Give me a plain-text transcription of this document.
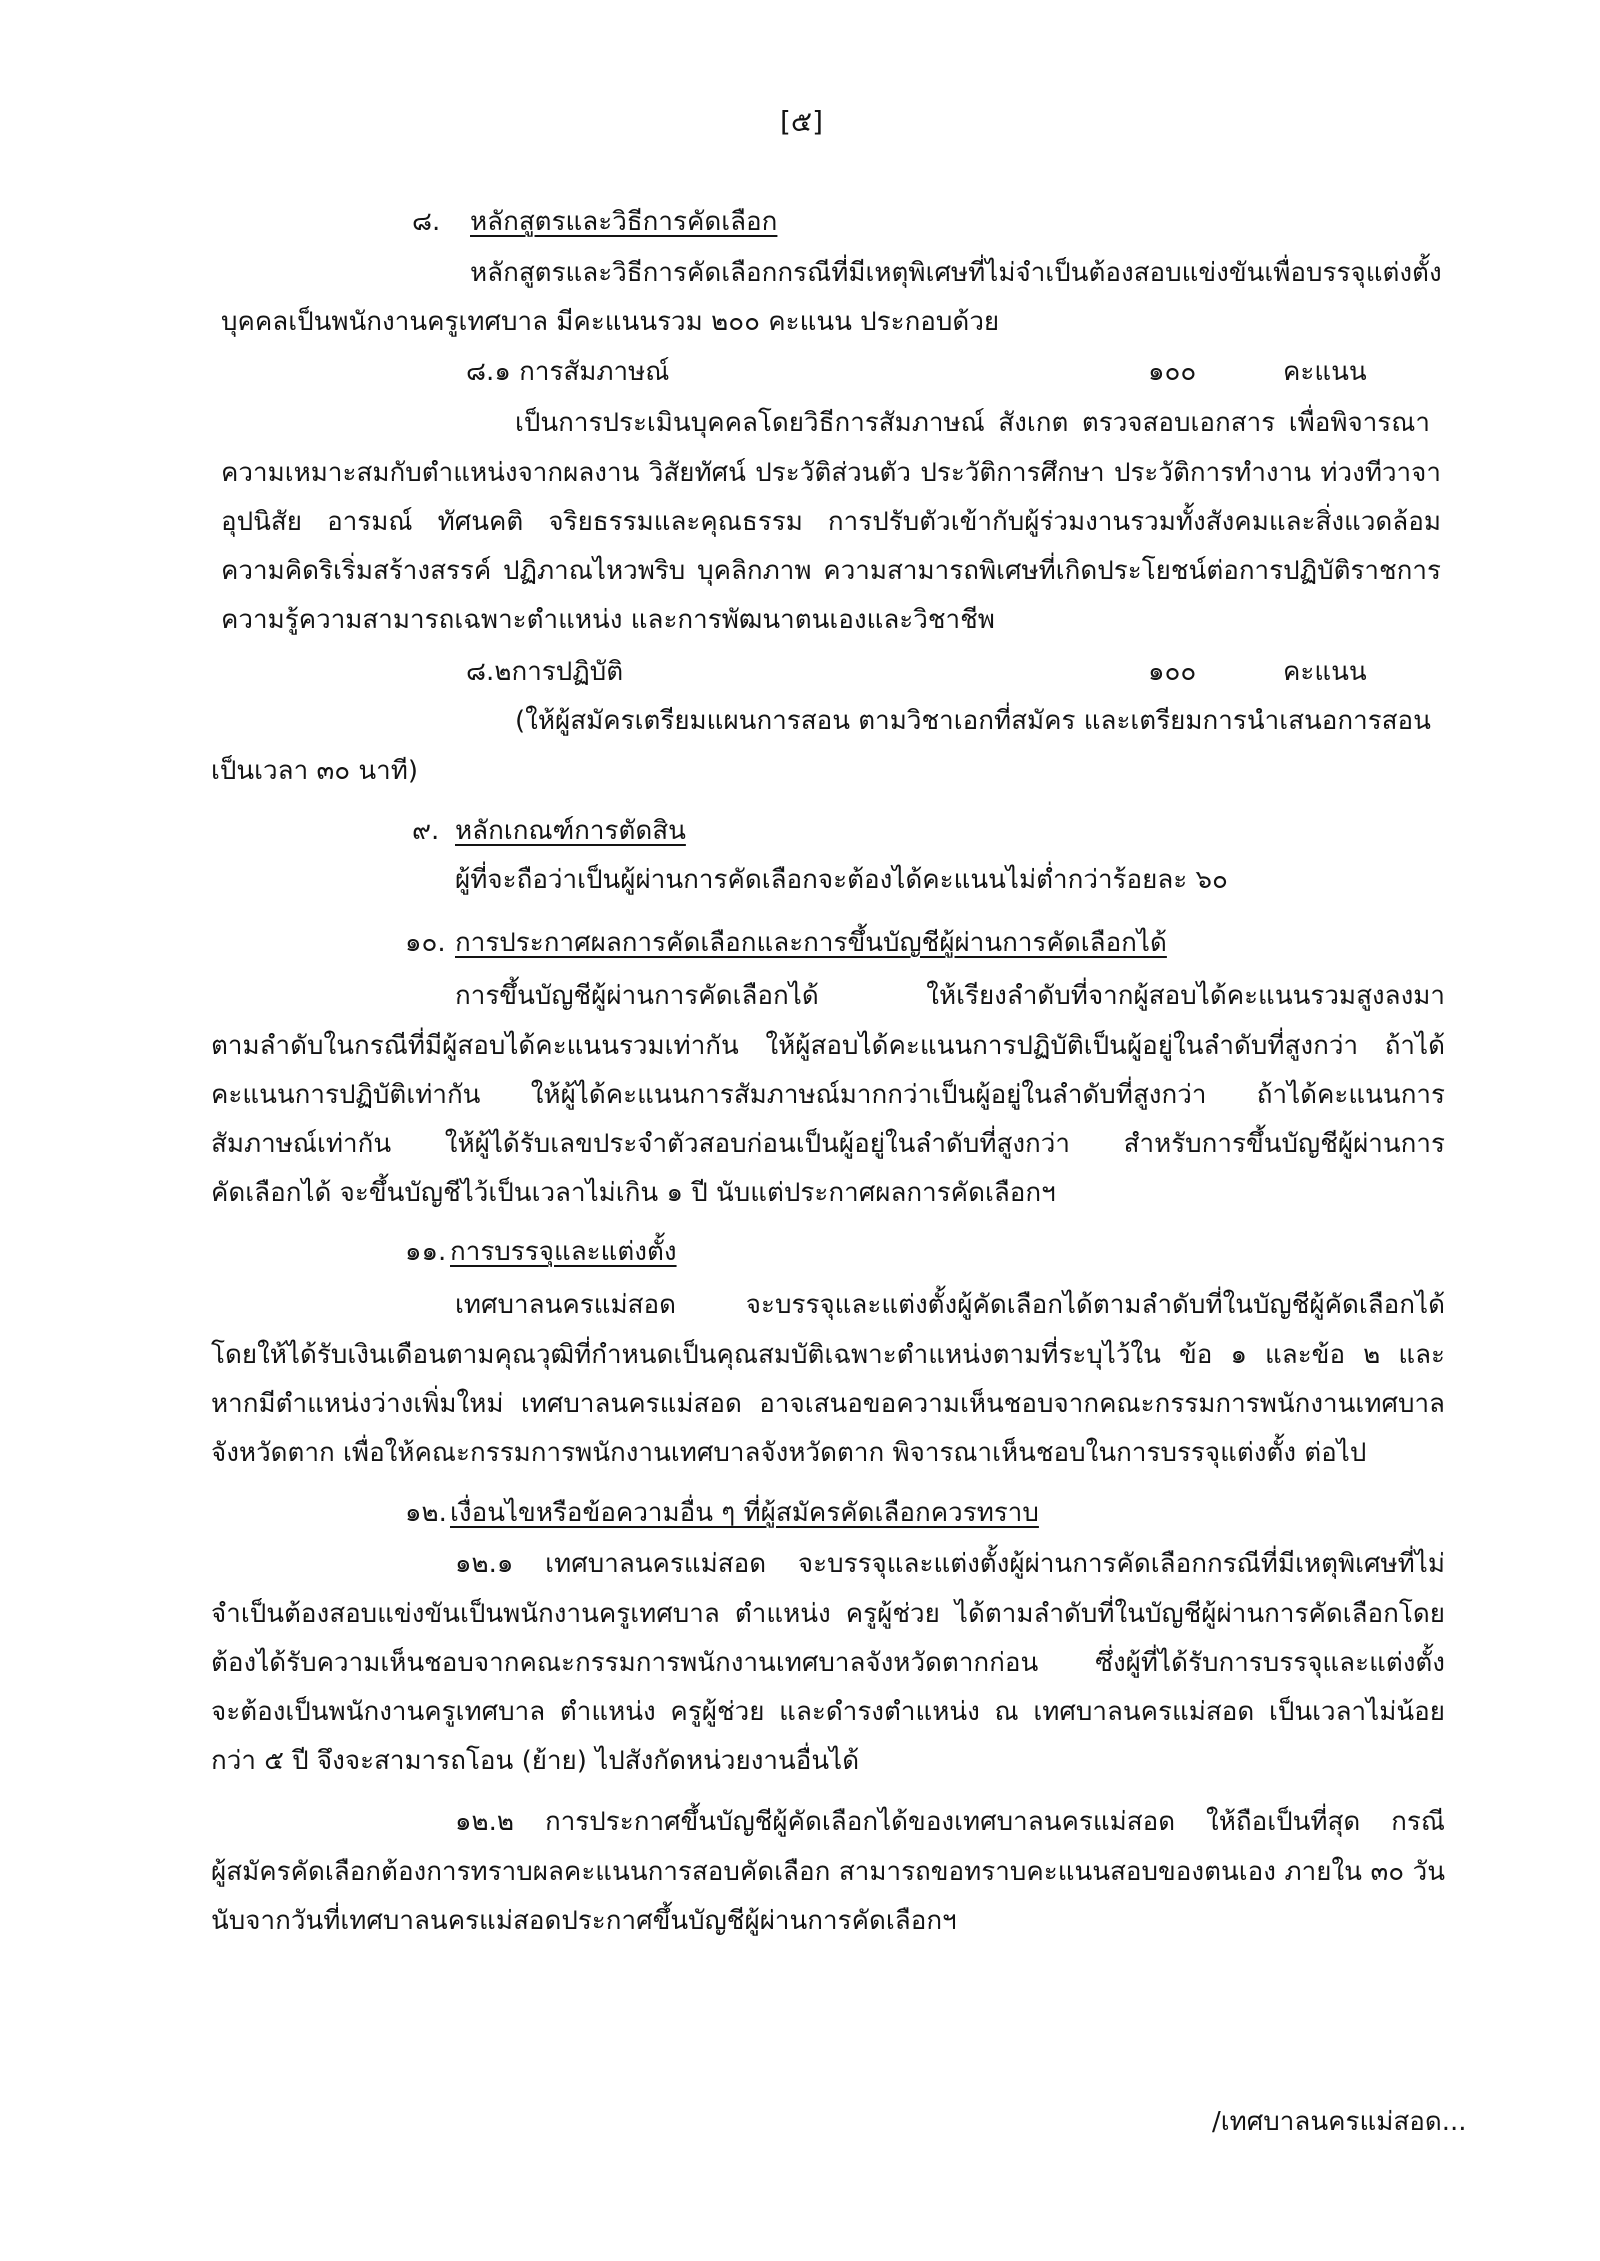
[๕]
๘. หลักสูตรและวิธีการคัดเลือก
หลักสูตรและวิธีการคัดเลือกกรณีที่มีเหตุพิเศษที่ไม่จำเป็นต้องสอบแข่งขันเพื่อบรรจุแต่งตั้ง
บุคคลเป็นพนักงานครูเทศบาล มีคะแนนรวม ๒๐๐ คะแนน ประกอบด้วย
๘.๑ การสัมภาษณ์	๑๐๐	คะแนน
เป็นการประเมินบุคคลโดยวิธีการสัมภาษณ์ สังเกต ตรวจสอบเอกสาร เพื่อพิจารณา
ความเหมาะสมกับตำแหน่งจากผลงาน วิสัยทัศน์ ประวัติส่วนตัว ประวัติการศึกษา ประวัติการทำงาน ท่วงทีวาจา
อุปนิสัย อารมณ์ ทัศนคติ จริยธรรมและคุณธรรม การปรับตัวเข้ากับผู้ร่วมงานรวมทั้งสังคมและสิ่งแวดล้อม
ความคิดริเริ่มสร้างสรรค์ ปฏิภาณไหวพริบ บุคลิกภาพ ความสามารถพิเศษที่เกิดประโยชน์ต่อการปฏิบัติราชการ
ความรู้ความสามารถเฉพาะตำแหน่ง และการพัฒนาตนเองและวิชาชีพ
๘.๒การปฏิบัติ	๑๐๐	คะแนน
(ให้ผู้สมัครเตรียมแผนการสอน ตามวิชาเอกที่สมัคร และเตรียมการนำเสนอการสอน
เป็นเวลา ๓๐ นาที)
๙. หลักเกณฑ์การตัดสิน
ผู้ที่จะถือว่าเป็นผู้ผ่านการคัดเลือกจะต้องได้คะแนนไม่ต่ำกว่าร้อยละ ๖๐
๑๐. การประกาศผลการคัดเลือกและการขึ้นบัญชีผู้ผ่านการคัดเลือกได้
การขึ้นบัญชีผู้ผ่านการคัดเลือกได้ ให้เรียงลำดับที่จากผู้สอบได้คะแนนรวมสูงลงมา
ตามลำดับในกรณีที่มีผู้สอบได้คะแนนรวมเท่ากัน ให้ผู้สอบได้คะแนนการปฏิบัติเป็นผู้อยู่ในลำดับที่สูงกว่า ถ้าได้
คะแนนการปฏิบัติเท่ากัน ให้ผู้ได้คะแนนการสัมภาษณ์มากกว่าเป็นผู้อยู่ในลำดับที่สูงกว่า ถ้าได้คะแนนการ
สัมภาษณ์เท่ากัน ให้ผู้ได้รับเลขประจำตัวสอบก่อนเป็นผู้อยู่ในลำดับที่สูงกว่า สำหรับการขึ้นบัญชีผู้ผ่านการ
คัดเลือกได้ จะขึ้นบัญชีไว้เป็นเวลาไม่เกิน ๑ ปี นับแต่ประกาศผลการคัดเลือกฯ
๑๑. การบรรจุและแต่งตั้ง
เทศบาลนครแม่สอด จะบรรจุและแต่งตั้งผู้คัดเลือกได้ตามลำดับที่ในบัญชีผู้คัดเลือกได้
โดยให้ได้รับเงินเดือนตามคุณวุฒิที่กำหนดเป็นคุณสมบัติเฉพาะตำแหน่งตามที่ระบุไว้ใน ข้อ ๑ และข้อ ๒ และ
หากมีตำแหน่งว่างเพิ่มใหม่ เทศบาลนครแม่สอด อาจเสนอขอความเห็นชอบจากคณะกรรมการพนักงานเทศบาล
จังหวัดตาก เพื่อให้คณะกรรมการพนักงานเทศบาลจังหวัดตาก พิจารณาเห็นชอบในการบรรจุแต่งตั้ง ต่อไป
๑๒. เงื่อนไขหรือข้อความอื่น ๆ ที่ผู้สมัครคัดเลือกควรทราบ
๑๒.๑ เทศบาลนครแม่สอด จะบรรจุและแต่งตั้งผู้ผ่านการคัดเลือกกรณีที่มีเหตุพิเศษที่ไม่
จำเป็นต้องสอบแข่งขันเป็นพนักงานครูเทศบาล ตำแหน่ง ครูผู้ช่วย ได้ตามลำดับที่ในบัญชีผู้ผ่านการคัดเลือกโดย
ต้องได้รับความเห็นชอบจากคณะกรรมการพนักงานเทศบาลจังหวัดตากก่อน ซึ่งผู้ที่ได้รับการบรรจุและแต่งตั้ง
จะต้องเป็นพนักงานครูเทศบาล ตำแหน่ง ครูผู้ช่วย และดำรงตำแหน่ง ณ เทศบาลนครแม่สอด เป็นเวลาไม่น้อย
กว่า ๕ ปี จึงจะสามารถโอน (ย้าย) ไปสังกัดหน่วยงานอื่นได้
๑๒.๒ การประกาศขึ้นบัญชีผู้คัดเลือกได้ของเทศบาลนครแม่สอด ให้ถือเป็นที่สุด กรณี
ผู้สมัครคัดเลือกต้องการทราบผลคะแนนการสอบคัดเลือก สามารถขอทราบคะแนนสอบของตนเอง ภายใน ๓๐ วัน
นับจากวันที่เทศบาลนครแม่สอดประกาศขึ้นบัญชีผู้ผ่านการคัดเลือกฯ
/เทศบาลนครแม่สอด...
